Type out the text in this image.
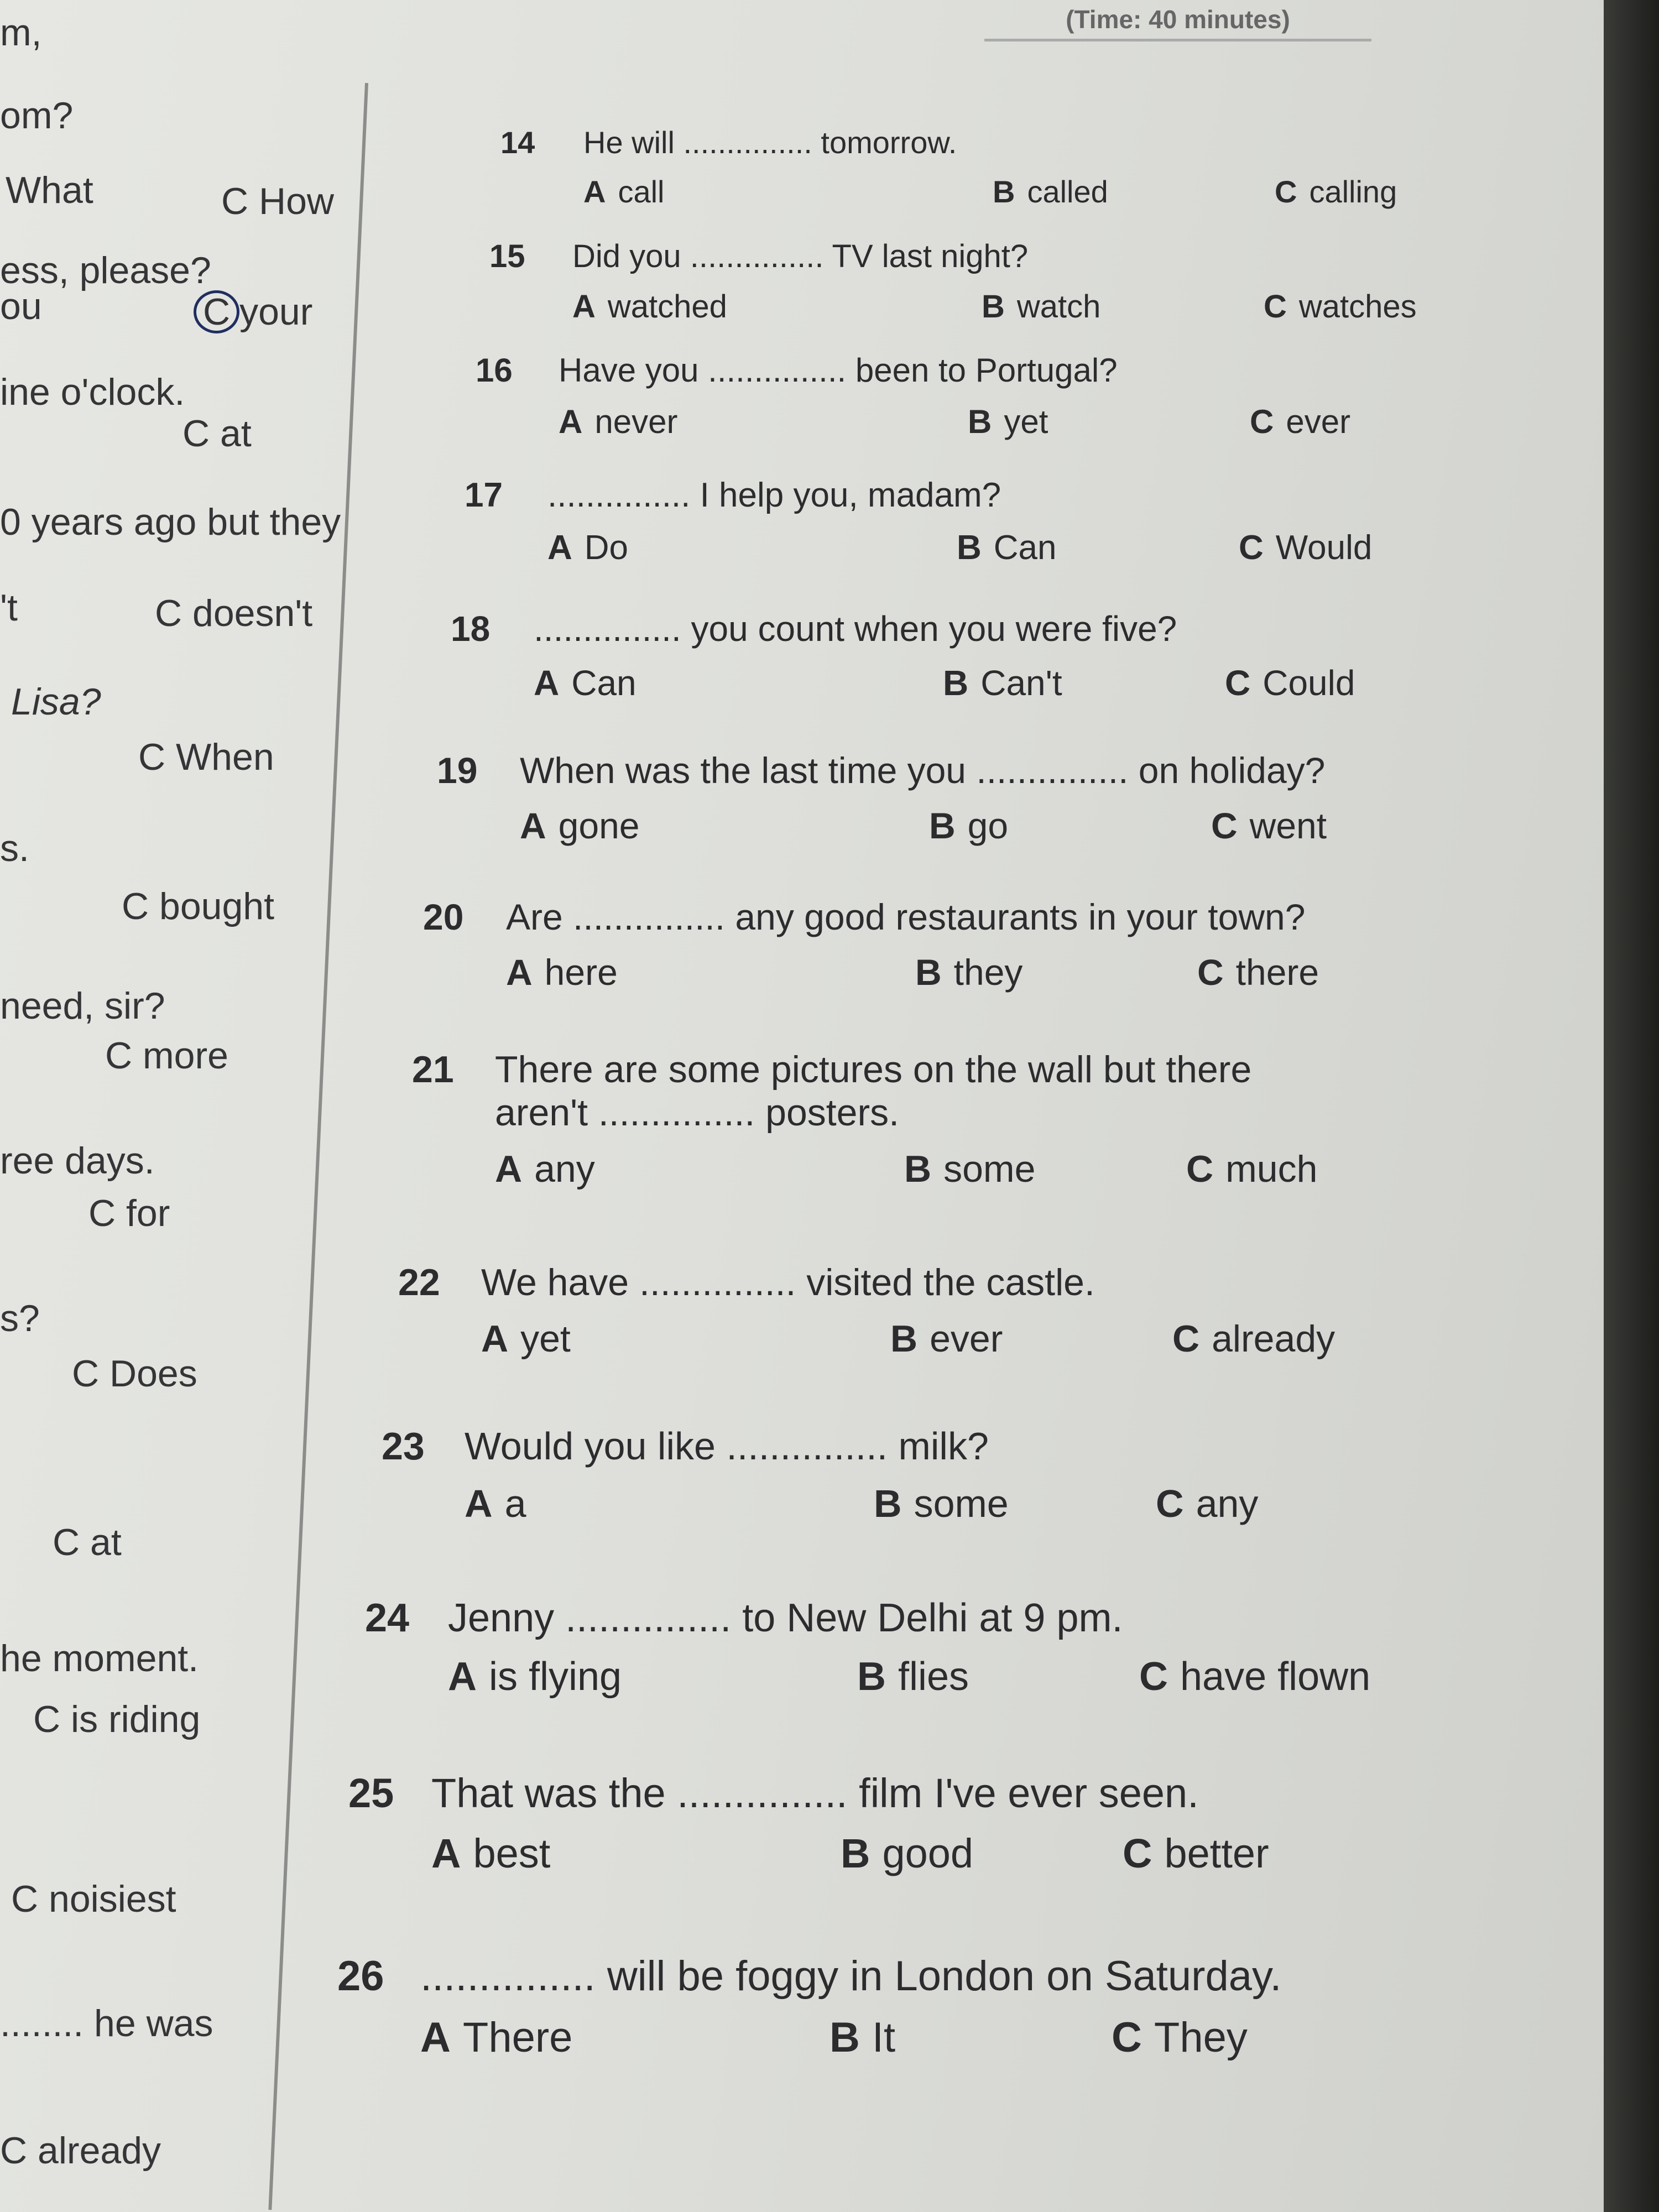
(Time: 40 minutes)
m,
om?
What	C How
ess, please?
ou	C your
ine o'clock.
C at
0 years ago but they
't	C doesn't
Lisa?
C When
s.
C bought
need, sir?
C more
ree days.
C for
s?
C Does
C at
he moment.
C is riding
C noisiest
........ he was
C already
14	He will ............... tomorrow.
A call	B called	C calling
15	Did you ............... TV last night?
A watched	B watch	C watches
16	Have you ............... been to Portugal?
A never	B yet	C ever
17	............... I help you, madam?
A Do	B Can	C Would
18	............... you count when you were five?
A Can	B Can't	C Could
19	When was the last time you ............... on holiday?
A gone	B go	C went
20	Are ............... any good restaurants in your town?
A here	B they	C there
21	There are some pictures on the wall but there
aren't ............... posters.
A any	B some	C much
22	We have ............... visited the castle.
A yet	B ever	C already
23	Would you like ............... milk?
A a	B some	C any
24 Jenny ............... to New Delhi at 9 pm.
A is flying	B flies	C have flown
25 That was the ............... film I've ever seen.
A best	B good	C better
26 ............... will be foggy in London on Saturday.
A There	B It	C They
